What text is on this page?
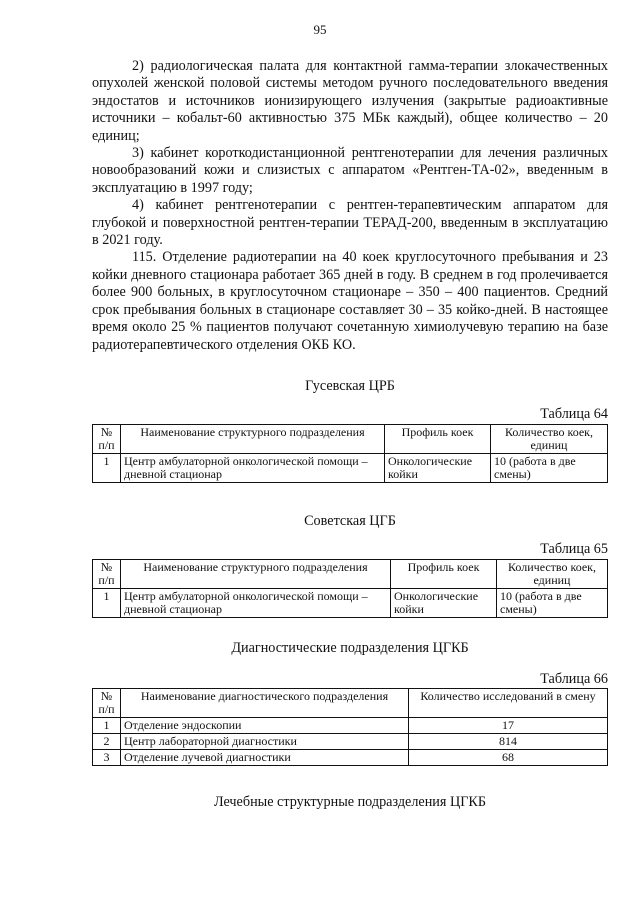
95

2) радиологическая палата для контактной гамма-терапии злокачественных опухолей женской половой системы методом ручного последовательного введения эндостатов и источников ионизирующего излучения (закрытые радиоактивные источники – кобальт-60 активностью 375 МБк каждый), общее количество – 20 единиц;

3) кабинет короткодистанционной рентгенотерапии для лечения различных новообразований кожи и слизистых с аппаратом «Рентген-ТА-02», введенным в эксплуатацию в 1997 году;

4) кабинет рентгенотерапии с рентген-терапевтическим аппаратом для глубокой и поверхностной рентген-терапии ТЕРАД-200, введенным в эксплуатацию в 2021 году.

115. Отделение радиотерапии на 40 коек круглосуточного пребывания и 23 койки дневного стационара работает 365 дней в году. В среднем в год пролечивается более 900 больных, в круглосуточном стационаре – 350 – 400 пациентов. Средний срок пребывания больных в стационаре составляет 30 – 35 койко-дней. В настоящее время около 25 % пациентов получают сочетанную химиолучевую терапию на базе радиотерапевтического отделения ОКБ КО.

Гусевская ЦРБ

Таблица 64

№ п/п	Наименование структурного подразделения	Профиль коек	Количество коек, единиц
1	Центр амбулаторной онкологической помощи – дневной стационар	Онкологические койки	10 (работа в две смены)

Советская ЦГБ

Таблица 65

№ п/п	Наименование структурного подразделения	Профиль коек	Количество коек, единиц
1	Центр амбулаторной онкологической помощи – дневной стационар	Онкологические койки	10 (работа в две смены)

Диагностические подразделения ЦГКБ

Таблица 66

№ п/п	Наименование диагностического подразделения	Количество исследований в смену
1	Отделение эндоскопии	17
2	Центр лабораторной диагностики	814
3	Отделение лучевой диагностики	68

Лечебные структурные подразделения ЦГКБ
